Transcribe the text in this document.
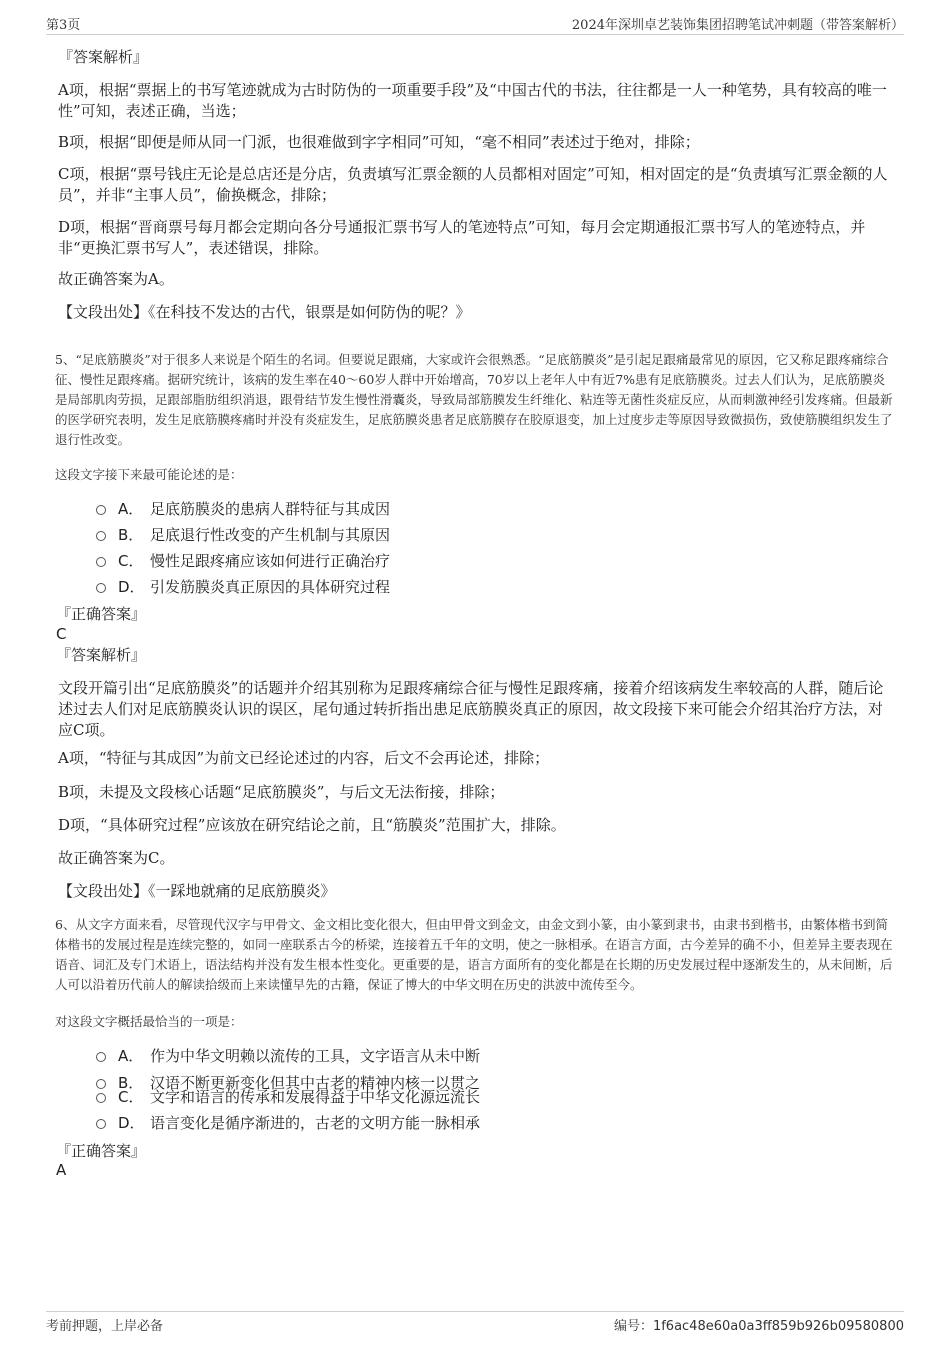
第3页	2024年深圳卓艺装饰集团招聘笔试冲刺题（带答案解析）

『答案解析』

A项，根据“票据上的书写笔迹就成为古时防伪的一项重要手段”及“中国古代的书法，往往都是一人一种笔势，具有较高的唯一性”可知，表述正确，当选；

B项，根据“即便是师从同一门派，也很难做到字字相同”可知，“毫不相同”表述过于绝对，排除；

C项，根据“票号钱庄无论是总店还是分店，负责填写汇票金额的人员都相对固定”可知，相对固定的是“负责填写汇票金额的人员”，并非“主事人员”，偷换概念，排除；

D项，根据“晋商票号每月都会定期向各分号通报汇票书写人的笔迹特点”可知，每月会定期通报汇票书写人的笔迹特点，并非“更换汇票书写人”，表述错误，排除。

故正确答案为A。

【文段出处】《在科技不发达的古代，银票是如何防伪的呢？》

5、“足底筋膜炎”对于很多人来说是个陌生的名词。但要说足跟痛，大家或许会很熟悉。“足底筋膜炎”是引起足跟痛最常见的原因，它又称足跟疼痛综合征、慢性足跟疼痛。据研究统计，该病的发生率在40～60岁人群中开始增高，70岁以上老年人中有近7%患有足底筋膜炎。过去人们认为，足底筋膜炎是局部肌肉劳损，足跟部脂肪组织消退，跟骨结节发生慢性滑囊炎，导致局部筋膜发生纤维化、粘连等无菌性炎症反应，从而刺激神经引发疼痛。但最新的医学研究表明，发生足底筋膜疼痛时并没有炎症发生，足底筋膜炎患者足底筋膜存在胶原退变，加上过度步走等原因导致微损伤，致使筋膜组织发生了退行性改变。

这段文字接下来最可能论述的是：

A． 足底筋膜炎的患病人群特征与其成因
B． 足底退行性改变的产生机制与其原因
C． 慢性足跟疼痛应该如何进行正确治疗
D． 引发筋膜炎真正原因的具体研究过程

『正确答案』

C

『答案解析』

文段开篇引出“足底筋膜炎”的话题并介绍其别称为足跟疼痛综合征与慢性足跟疼痛，接着介绍该病发生率较高的人群，随后论述过去人们对足底筋膜炎认识的误区，尾句通过转折指出患足底筋膜炎真正的原因，故文段接下来可能会介绍其治疗方法，对应C项。

A项，“特征与其成因”为前文已经论述过的内容，后文不会再论述，排除；

B项，未提及文段核心话题“足底筋膜炎”，与后文无法衔接，排除；

D项，“具体研究过程”应该放在研究结论之前，且“筋膜炎”范围扩大，排除。

故正确答案为C。

【文段出处】《一踩地就痛的足底筋膜炎》

6、从文字方面来看，尽管现代汉字与甲骨文、金文相比变化很大，但由甲骨文到金文，由金文到小篆，由小篆到隶书，由隶书到楷书，由繁体楷书到简体楷书的发展过程是连续完整的，如同一座联系古今的桥梁，连接着五千年的文明，使之一脉相承。在语言方面，古今差异的确不小，但差异主要表现在语音、词汇及专门术语上，语法结构并没有发生根本性变化。更重要的是，语言方面所有的变化都是在长期的历史发展过程中逐渐发生的，从未间断，后人可以沿着历代前人的解读拾级而上来读懂早先的古籍，保证了博大的中华文明在历史的洪波中流传至今。

对这段文字概括最恰当的一项是：

A． 作为中华文明赖以流传的工具，文字语言从未中断
B． 汉语不断更新变化但其中古老的精神内核一以贯之
C． 文字和语言的传承和发展得益于中华文化源远流长
D． 语言变化是循序渐进的，古老的文明方能一脉相承

『正确答案』

A

考前押题，上岸必备	编号：1f6ac48e60a0a3ff859b926b09580800
